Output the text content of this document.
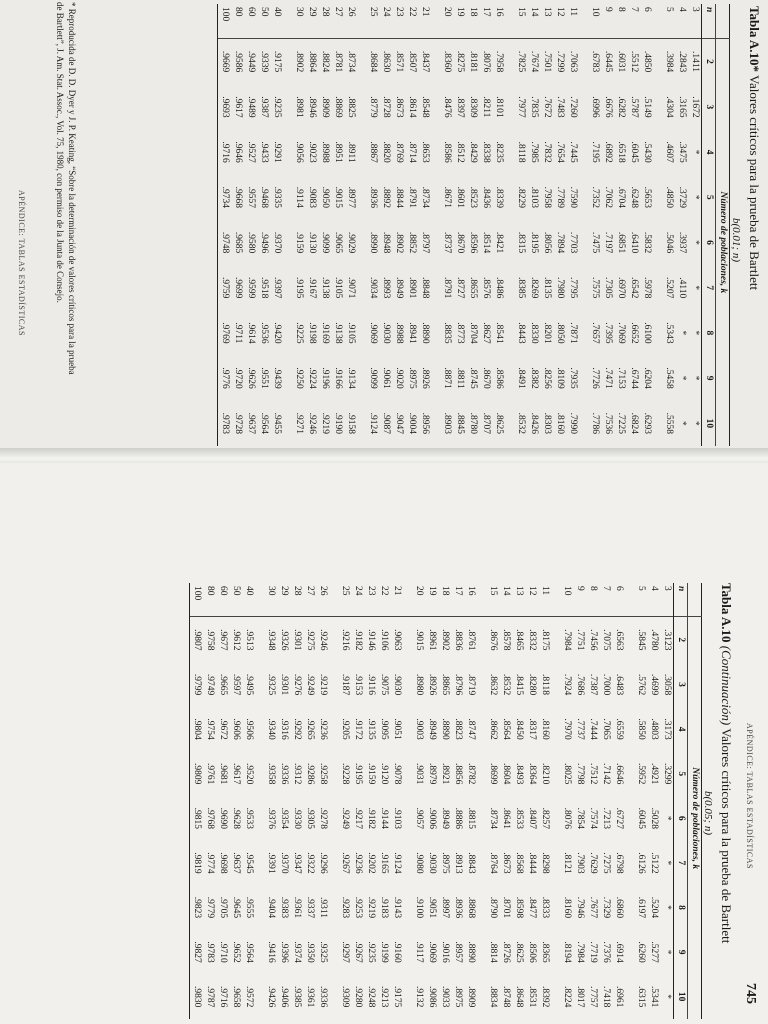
APÉNDICE: TABLAS ESTADÍSTICAS
Tabla A.10* Valores críticos para la prueba de Bartlett
b(0.01; n)
	Número de poblaciones, k								
n	2	3	4	5	6	7	8	9	10
3	.1411	.1672	*	*	*	*	*	*	*
4	.2843	.3165	.3475	.3729	.3937	.4110	*	*	*
5	.3984	.4304	.4607	.4850	.5046	.5207	.5343	.5458	.5558

6	.4850	.5149	.5430	.5653	.5832	.5978	.6100	.6204	.6293
7	.5512	.5787	.6045	.6248	.6410	.6542	.6652	.6744	.6824
8	.6031	.6282	.6518	.6704	.6851	.6970	.7069	.7153	.7225
9	.6445	.6676	.6892	.7062	.7197	.7305	.7395	.7471	.7536
10	.6783	.6996	.7195	.7352	.7475	.7575	.7657	.7726	.7786

11	.7063	.7260	.7445	.7590	.7703	.7795	.7871	.7935	.7990
12	.7299	.7483	.7654	.7789	.7894	.7980	.8050	.8109	.8160
13	.7501	.7672	.7832	.7958	.8056	.8135	.8201	.8256	.8303
14	.7674	.7835	.7985	.8103	.8195	.8269	.8330	.8382	.8426
15	.7825	.7977	.8118	.8229	.8315	.8385	.8443	.8491	.8532

16	.7958	.8101	.8235	.8339	.8421	.8486	.8541	.8586	.8625
17	.8076	.8211	.8338	.8436	.8514	.8576	.8627	.8670	.8707
18	.8181	.8309	.8429	.8523	.8596	.8655	.8704	.8745	.8780
19	.8275	.8397	.8512	.8601	.8670	.8727	.8773	.8811	.8845
20	.8360	.8476	.8586	.8671	.8737	.8791	.8835	.8871	.8903

21	.8437	.8548	.8653	.8734	.8797	.8848	.8890	.8926	.8956
22	.8507	.8614	.8714	.8791	.8852	.8901	.8941	.8975	.9004
23	.8571	.8673	.8769	.8844	.8902	.8949	.8988	.9020	.9047
24	.8630	.8728	.8820	.8892	.8948	.8993	.9030	.9061	.9087
25	.8684	.8779	.8867	.8936	.8990	.9034	.9069	.9099	.9124

26	.8734	.8825	.8911	.8977	.9029	.9071	.9105	.9134	.9158
27	.8781	.8869	.8951	.9015	.9065	.9105	.9138	.9166	.9190
28	.8824	.8909	.8988	.9050	.9099	.9138	.9169	.9196	.9219
29	.8864	.8946	.9023	.9083	.9130	.9167	.9198	.9224	.9246
30	.8902	.8981	.9056	.9114	.9159	.9195	.9225	.9250	.9271

40	.9175	.9235	.9291	.9335	.9370	.9397	.9420	.9439	.9455
50	.9339	.9387	.9433	.9468	.9496	.9518	.9536	.9551	.9564
60	.9449	.9489	.9527	.9557	.9580	.9599	.9614	.9626	.9637
80	.9586	.9617	.9646	.9668	.9685	.9699	.9711	.9720	.9728
100	.9669	.9693	.9716	.9734	.9748	.9759	.9769	.9776	.9783
* Reproducida de D. D. Dyer y J. P. Keating, “Sobre la determinación de valores críticos para la prueba
de Bartlett”, J. Am. Stat. Assoc., Vol. 75, 1980, con permiso de la Junta de Consejo.
APÉNDICE: TABLAS ESTADÍSTICAS
745
Tabla A.10 (Continuación) Valores críticos para la prueba de Bartlett
b(0.05; n)
	Número de poblaciones, k								
n	2	3	4	5	6	7	8	9	10
3	.3123	.3058	.3173	.3299	*	*	*	*	*
4	.4780	.4699	.4803	.4921	.5028	.5122	.5204	.5277	.5341
5	.5845	.5762	.5850	.5952	.6045	.6126	.6197	.6260	.6315

6	.6563	.6483	.6559	.6646	.6727	.6798	.6860	.6914	.6961
7	.7075	.7000	.7065	.7142	.7213	.7275	.7329	.7376	.7418
8	.7456	.7387	.7444	.7512	.7574	.7629	.7677	.7719	.7757
9	.7751	.7686	.7737	.7798	.7854	.7903	.7946	.7984	.8017
10	.7984	.7924	.7970	.8025	.8076	.8121	.8160	.8194	.8224

11	.8175	.8118	.8160	.8210	.8257	.8298	.8333	.8365	.8392
12	.8332	.8280	.8317	.8364	.8407	.8444	.8477	.8506	.8531
13	.8465	.8415	.8450	.8493	.8533	.8568	.8598	.8625	.8648
14	.8578	.8532	.8564	.8604	.8641	.8673	.8701	.8726	.8748
15	.8676	.8632	.8662	.8699	.8734	.8764	.8790	.8814	.8834

16	.8761	.8719	.8747	.8782	.8815	.8843	.8868	.8890	.8909
17	.8836	.8796	.8823	.8856	.8886	.8913	.8936	.8957	.8975
18	.8902	.8865	.8890	.8921	.8949	.8975	.8997	.9016	.9033
19	.8961	.8926	.8949	.8979	.9006	.9030	.9051	.9069	.9086
20	.9015	.8980	.9003	.9031	.9057	.9080	.9100	.9117	.9132

21	.9063	.9030	.9051	.9078	.9103	.9124	.9143	.9160	.9175
22	.9106	.9075	.9095	.9120	.9144	.9165	.9183	.9199	.9213
23	.9146	.9116	.9135	.9159	.9182	.9202	.9219	.9235	.9248
24	.9182	.9153	.9172	.9195	.9217	.9236	.9253	.9267	.9280
25	.9216	.9187	.9205	.9228	.9249	.9267	.9283	.9297	.9309

26	.9246	.9219	.9236	.9258	.9278	.9296	.9311	.9325	.9336
27	.9275	.9249	.9265	.9286	.9305	.9322	.9337	.9350	.9361
28	.9301	.9276	.9292	.9312	.9330	.9347	.9361	.9374	.9385
29	.9326	.9301	.9316	.9336	.9354	.9370	.9383	.9396	.9406
30	.9348	.9325	.9340	.9358	.9376	.9391	.9404	.9416	.9426

40	.9513	.9495	.9506	.9520	.9533	.9545	.9555	.9564	.9572
50	.9612	.9597	.9606	.9617	.9628	.9637	.9645	.9652	.9658
60	.9677	.9665	.9672	.9681	.9690	.9698	.9705	.9710	.9716
80	.9758	.9749	.9754	.9761	.9768	.9774	.9779	.9783	.9787
100	.9807	.9799	.9804	.9809	.9815	.9819	.9823	.9827	.9830
